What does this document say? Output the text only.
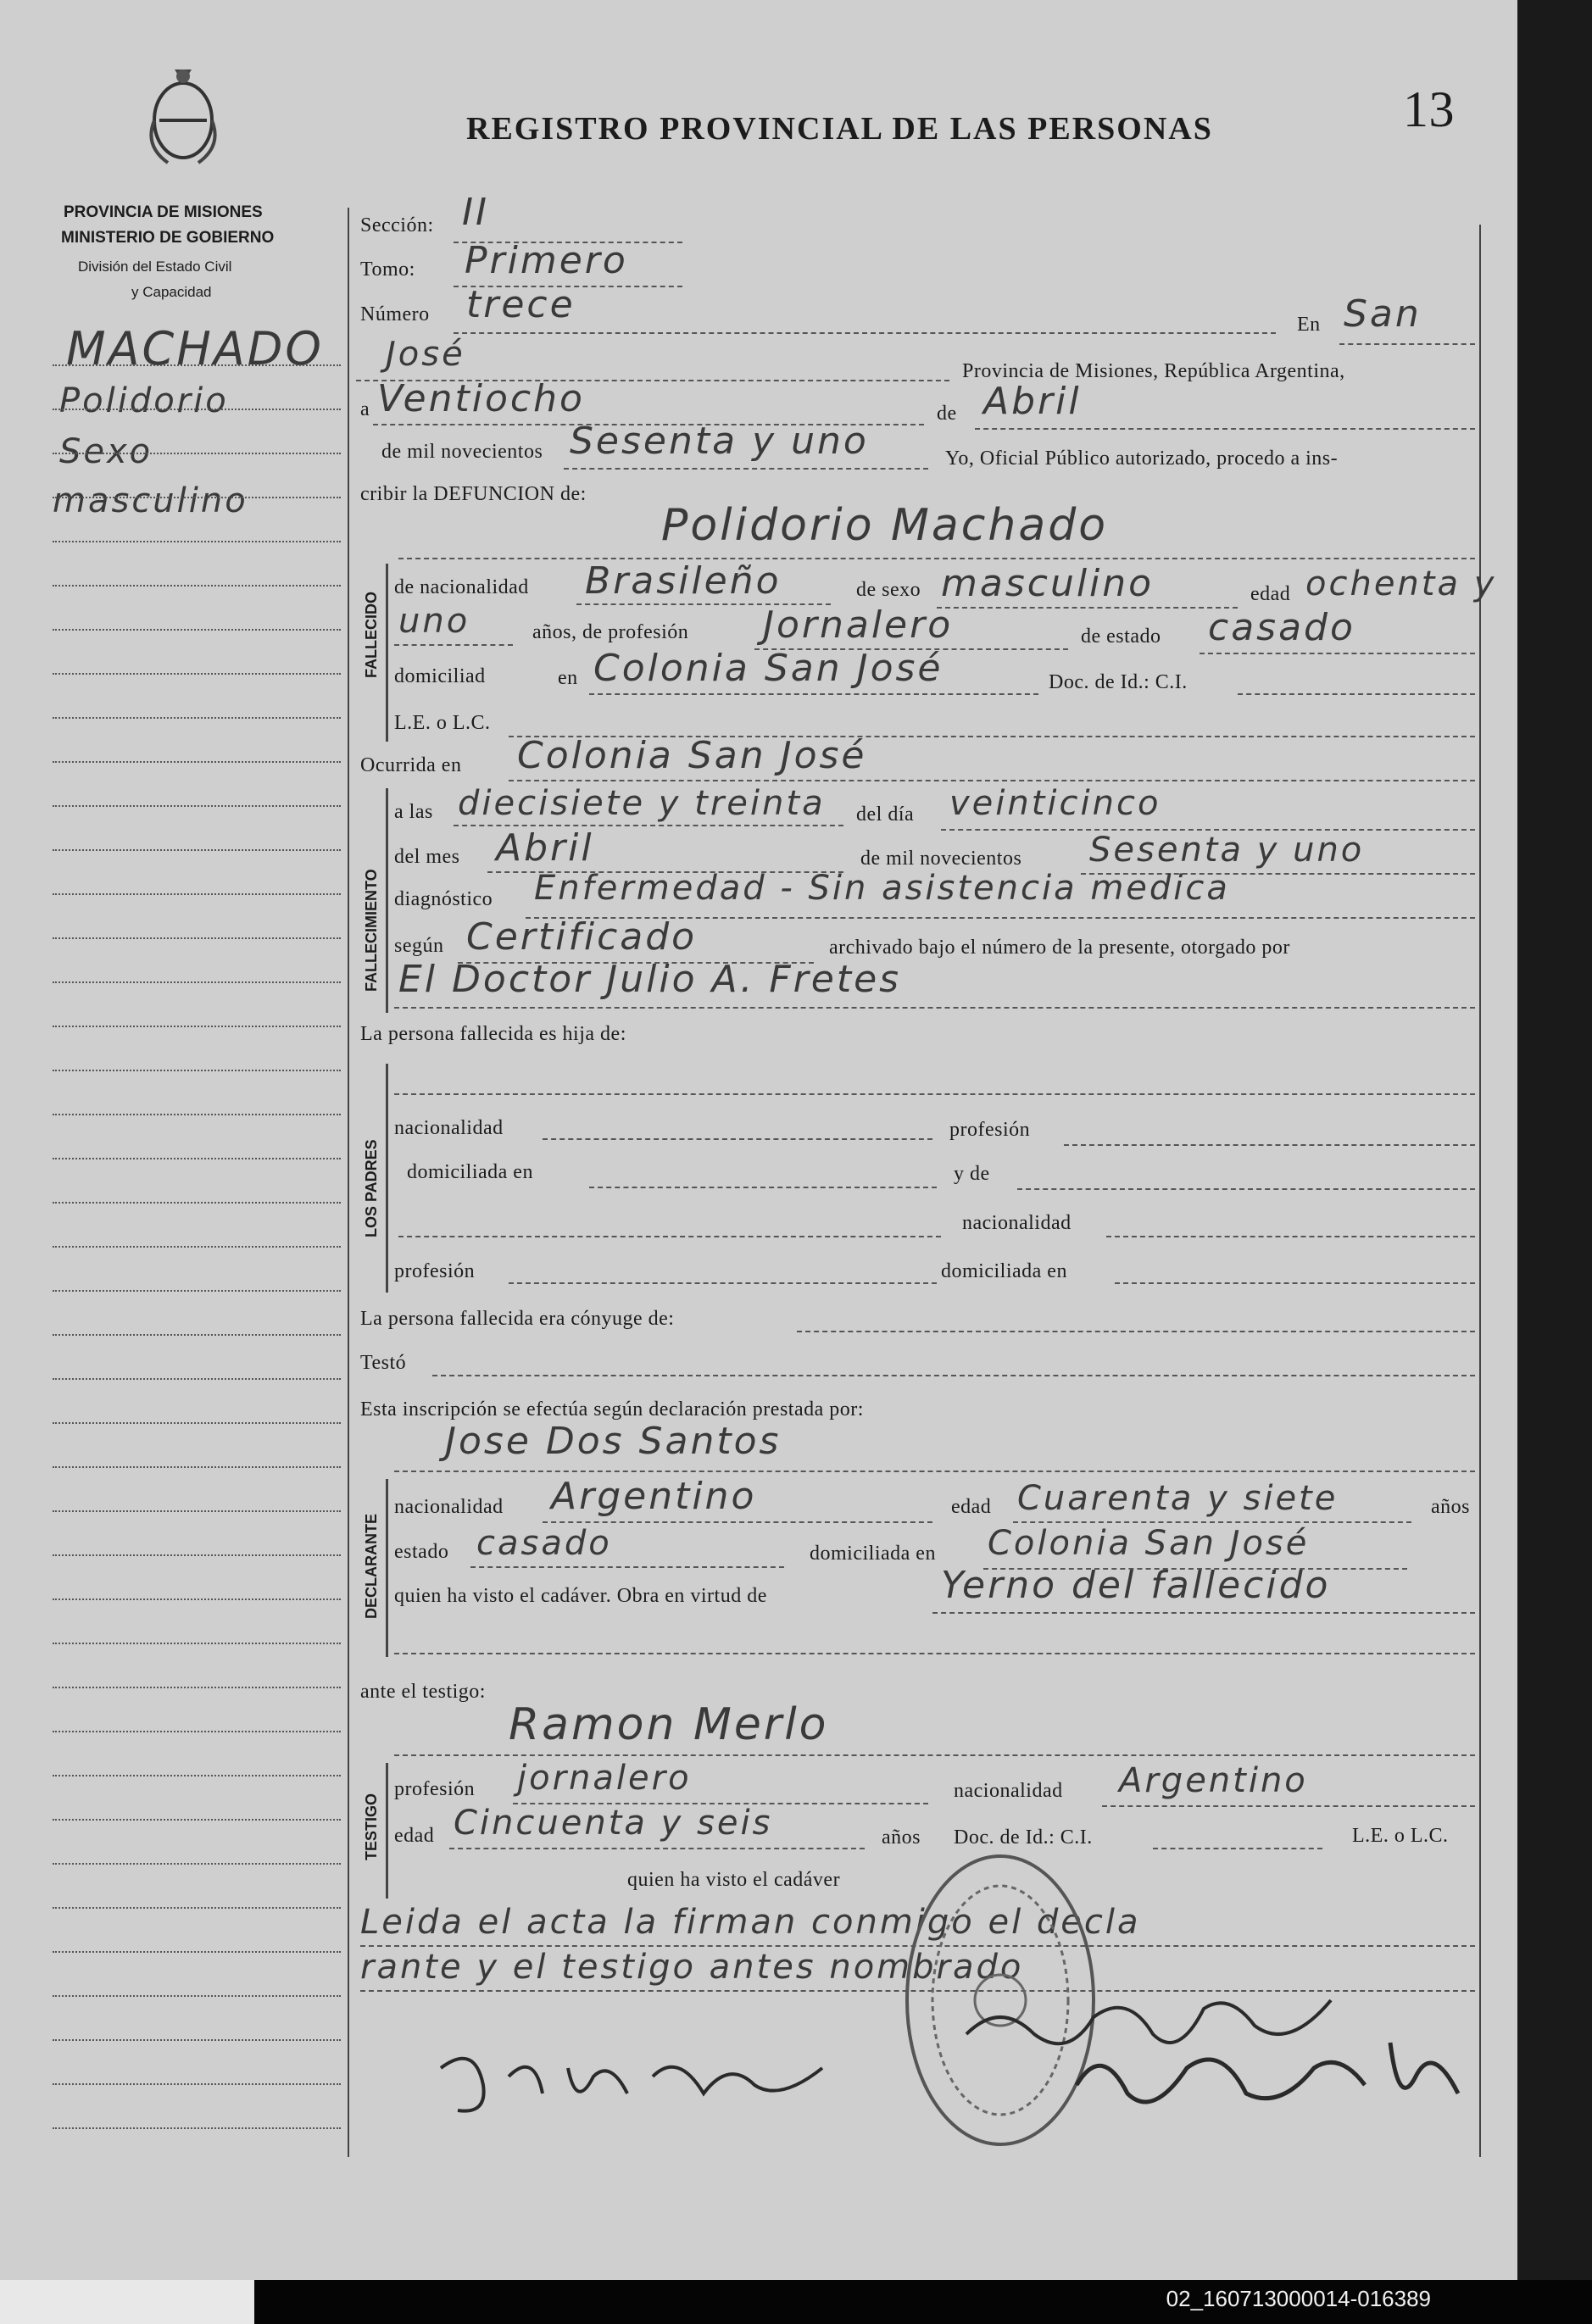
REGISTRO PROVINCIAL DE LAS PERSONAS	13
PROVINCIA DE MISIONES
MINISTERIO DE GOBIERNO
División del Estado Civil
y Capacidad
MACHADO
Polidorio
Sexo
masculino
Sección: II
Tomo: Primero
Número trece	En San
José	Provincia de Misiones, República Argentina,
a Ventiocho	de Abril
de mil novecientos Sesenta y uno	Yo, Oficial Público autorizado, procedo a ins-
cribir la DEFUNCION de:
Polidorio Machado
FALLECIDO
de nacionalidad Brasileño	de sexo masculino	edad ochenta y
uno	años, de profesión Jornalero	de estado casado
domiciliad	en Colonia San José	Doc. de Id.: C.I.
L.E. o L.C.
Ocurrida en Colonia San José
FALLECIMIENTO
a las diecisiete y treinta del día veinticinco
del mes Abril	de mil novecientos Sesenta y uno
diagnóstico Enfermedad - Sin asistencia medica
según Certificado	archivado bajo el número de la presente, otorgado por
El Doctor Julio A. Fretes
La persona fallecida es hija de:
LOS PADRES
nacionalidad	profesión
domiciliada en	y de
nacionalidad
profesión	domiciliada en
La persona fallecida era cónyuge de:
Testó
Esta inscripción se efectúa según declaración prestada por:
Jose Dos Santos
DECLARANTE
nacionalidad Argentino	edad Cuarenta y siete	años
estado casado	domiciliada en Colonia San José
quien ha visto el cadáver. Obra en virtud de	Yerno del fallecido
ante el testigo:
Ramon Merlo
TESTIGO
profesión jornalero	nacionalidad Argentino
edad Cincuenta y seis	años Doc. de Id.: C.I.	L.E. o L.C.
quien ha visto el cadáver
Leida el acta la firman conmigo el decla
rante y el testigo antes nombrado
02_160713000014-016389
